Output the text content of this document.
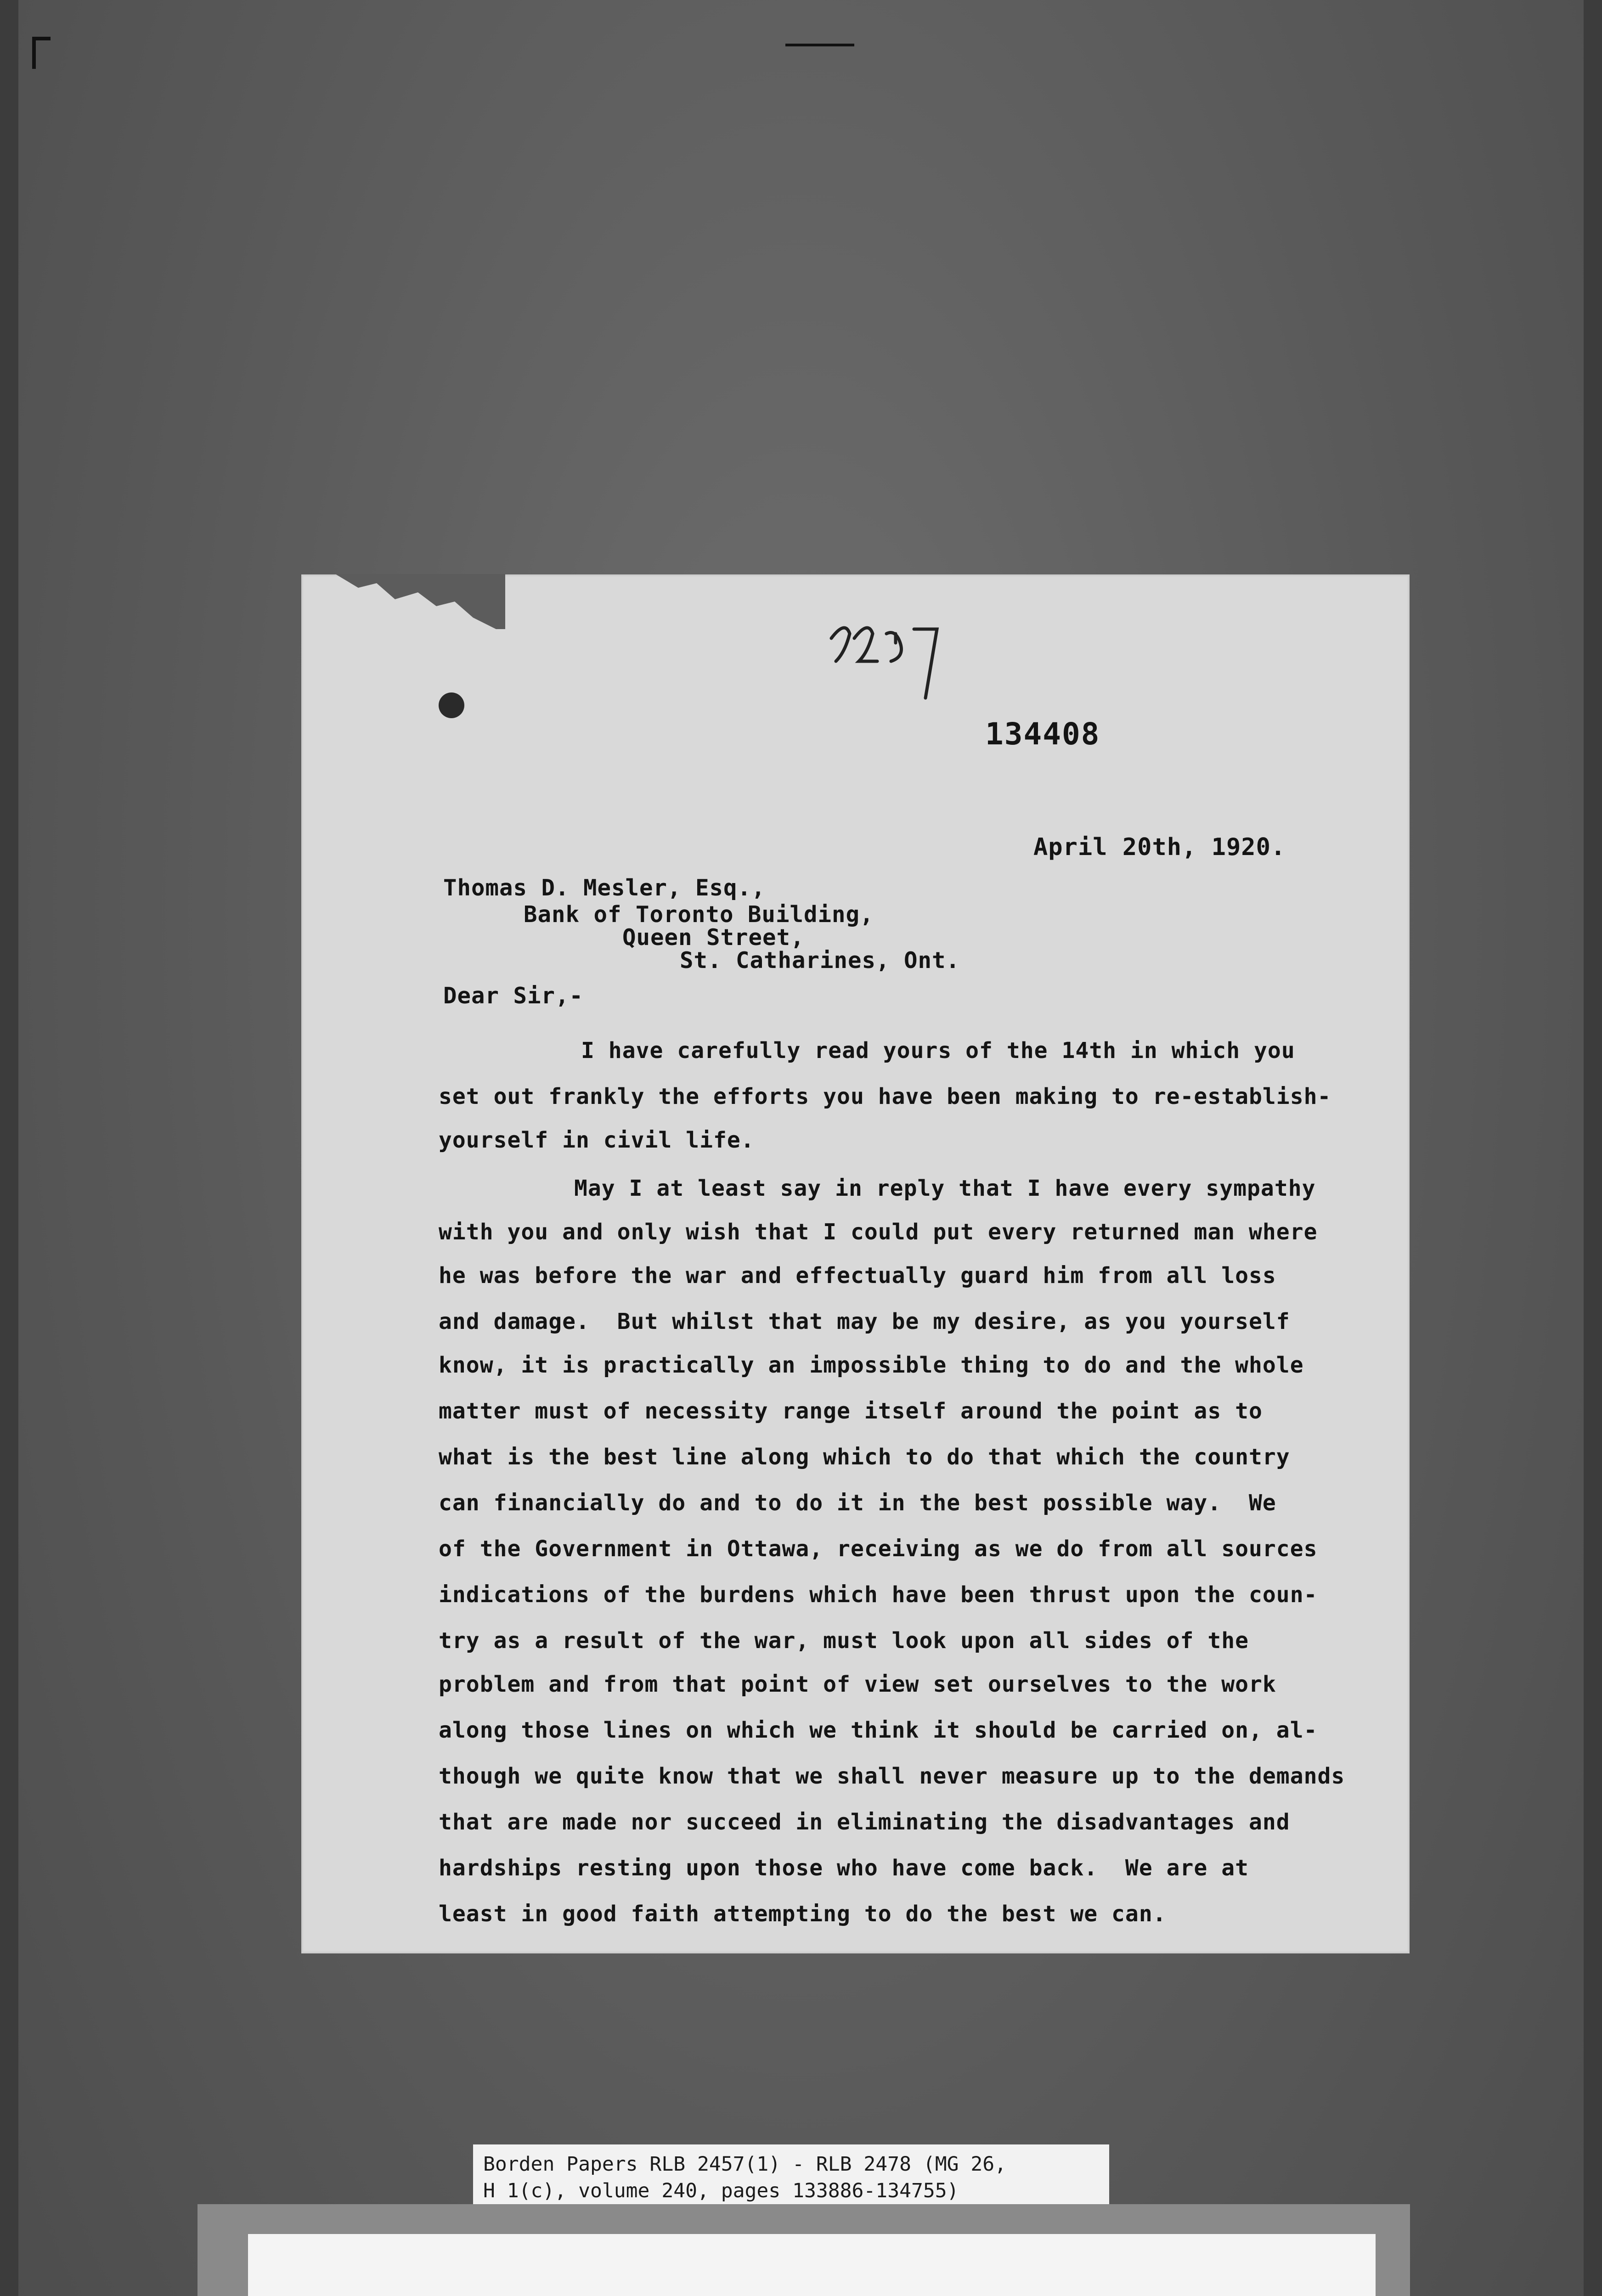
134408
April 20th, 1920.
Thomas D. Mesler, Esq.,
Bank of Toronto Building,
Queen Street,
St. Catharines, Ont.
Dear Sir,-
I have carefully read yours of the 14th in which you
set out frankly the efforts you have been making to re-establish-
yourself in civil life.
May I at least say in reply that I have every sympathy
with you and only wish that I could put every returned man where
he was before the war and effectually guard him from all loss
and damage.  But whilst that may be my desire, as you yourself
know, it is practically an impossible thing to do and the whole
matter must of necessity range itself around the point as to
what is the best line along which to do that which the country
can financially do and to do it in the best possible way.  We
of the Government in Ottawa, receiving as we do from all sources
indications of the burdens which have been thrust upon the coun-
try as a result of the war, must look upon all sides of the
problem and from that point of view set ourselves to the work
along those lines on which we think it should be carried on, al-
though we quite know that we shall never measure up to the demands
that are made nor succeed in eliminating the disadvantages and
hardships resting upon those who have come back.  We are at
least in good faith attempting to do the best we can.
Borden Papers RLB 2457(1) - RLB 2478 (MG 26,
H 1(c), volume 240, pages 133886-134755)
